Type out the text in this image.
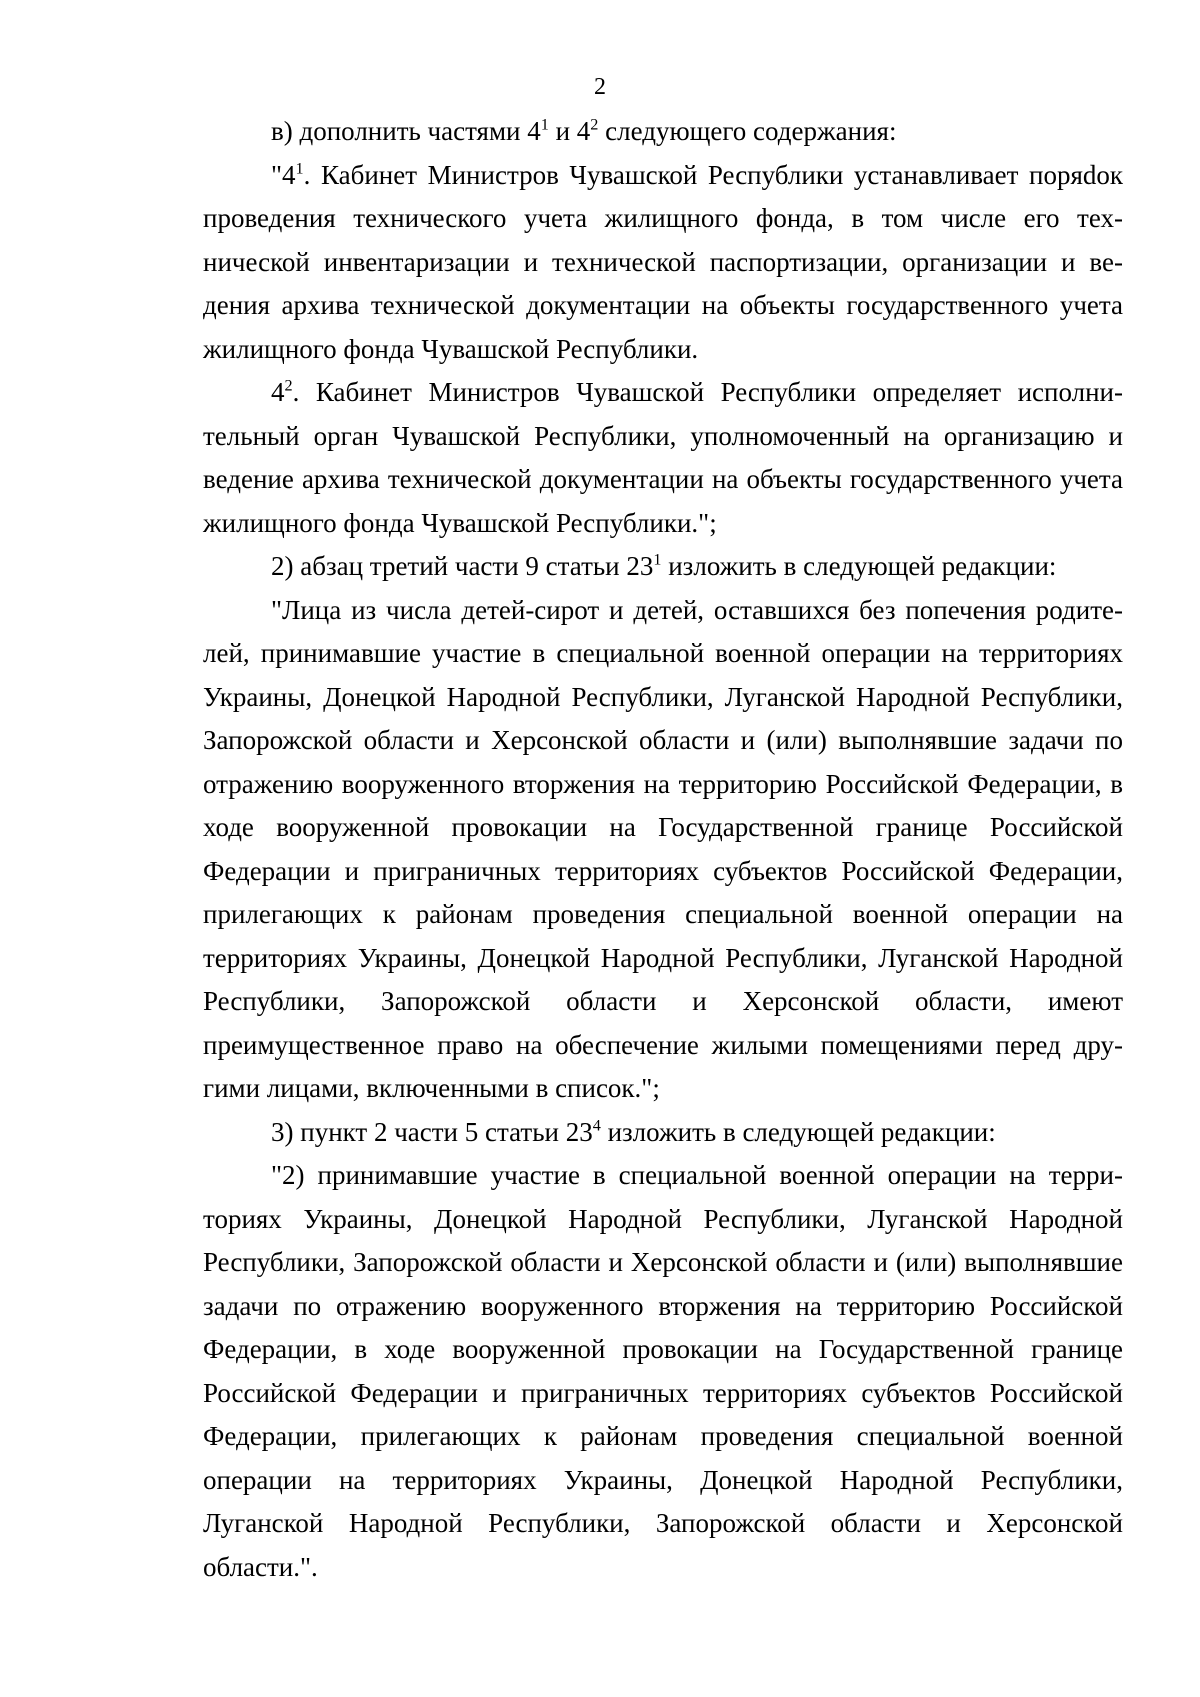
2

в) дополнить частями $4^1$ и $4^2$ следующего содержания:

"$4^1$. Кабинет Министров Чувашской Республики устанавливает поряdок проведения технического учета жилищного фонда, в том числе его технической инвентаризации и технической паспортизации, организации и ведения архива технической документации на объекты государственного учета жилищного фонда Чувашской Республики.

$4^2$. Кабинет Министров Чувашской Республики определяет исполнительный орган Чувашской Республики, уполномоченный на организацию и ведение архива технической документации на объекты государственного учета жилищного фонда Чувашской Республики.";

2) абзац третий части 9 статьи $23^1$ изложить в следующей редакции:

"Лица из числа детей-сирот и детей, оставшихся без попечения родителей, принимавшие участие в специальной военной операции на территориях Украины, Донецкой Народной Республики, Луганской Народной Республики, Запорожской области и Херсонской области и (или) выполнявшие задачи по отражению вооруженного вторжения на территорию Российской Федерации, в ходе вооруженной провокации на Государственной границе Российской Федерации и приграничных территориях субъектов Российской Федерации, прилегающих к районам проведения специальной военной операции на территориях Украины, Донецкой Народной Республики, Луганской Народной Республики, Запорожской области и Херсонской области, имеют преимущественное право на обеспечение жилыми помещениями перед другими лицами, включенными в список.";

3) пункт 2 части 5 статьи $23^4$ изложить в следующей редакции:

"2) принимавшие участие в специальной военной операции на территориях Украины, Донецкой Народной Республики, Луганской Народной Республики, Запорожской области и Херсонской области и (или) выполнявшие задачи по отражению вооруженного вторжения на территорию Российской Федерации, в ходе вооруженной провокации на Государственной границе Российской Федерации и приграничных территориях субъектов Российской Федерации, прилегающих к районам проведения специальной военной операции на территориях Украины, Донецкой Народной Республики, Луганской Народной Республики, Запорожской области и Херсонской области.".
